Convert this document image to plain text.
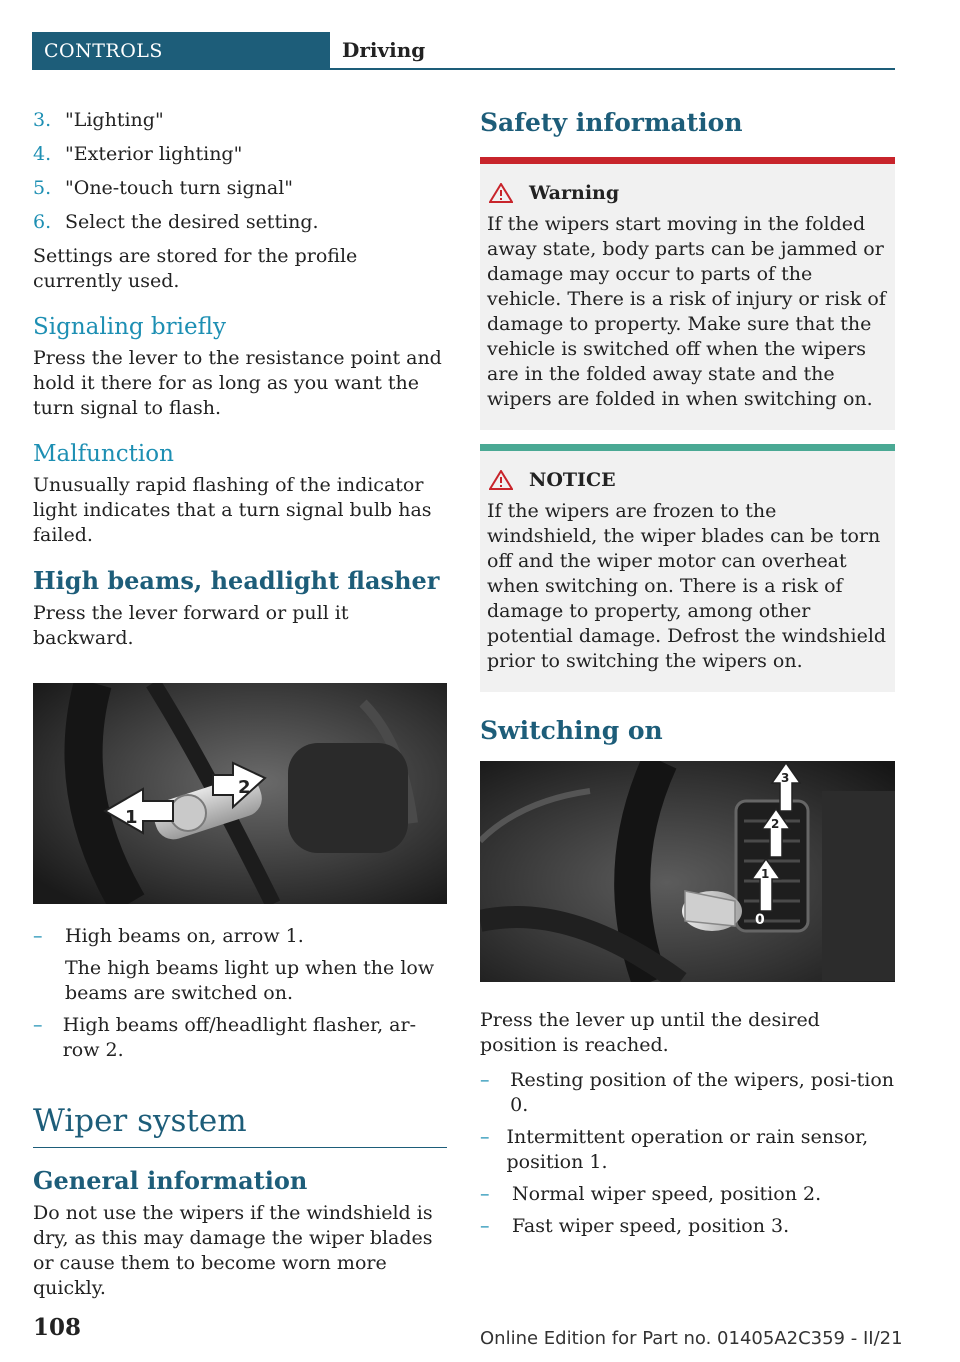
CONTROLS	Driving
3. "Lighting"
4. "Exterior lighting"
5. "One-touch turn signal"
6. Select the desired setting.

Settings are stored for the profile currently used.

Signaling briefly

Press the lever to the resistance point and hold it there for as long as you want the turn signal to flash.

Malfunction

Unusually rapid flashing of the indicator light indicates that a turn signal bulb has failed.

High beams, headlight flasher

Press the lever forward or pull it backward.

1
2
–	High beams on, arrow 1.
The high beams light up when the low beams are switched on.
–	High beams off/headlight flasher, ar-row 2.
Wiper system
General information

Do not use the wipers if the windshield is dry, as this may damage the wiper blades or cause them to become worn more quickly.

Safety information
Warning
If the wipers start moving in the folded away state, body parts can be jammed or damage may occur to parts of the vehicle. There is a risk of injury or risk of damage to property. Make sure that the vehicle is switched off when the wipers are in the folded away state and the wipers are folded in when switching on.
NOTICE
If the wipers are frozen to the windshield, the wiper blades can be torn off and the wiper motor can overheat when switching on. There is a risk of damage to property, among other potential damage. Defrost the windshield prior to switching the wipers on.
Switching on
3
2
1
0

Press the lever up until the desired position is reached.

–	Resting position of the wipers, posi-tion 0.
– Intermittent operation or rain sensor, position 1.
–	Normal wiper speed, position 2.
–	Fast wiper speed, position 3.
108	Online Edition for Part no. 01405A2C359 - II/21
